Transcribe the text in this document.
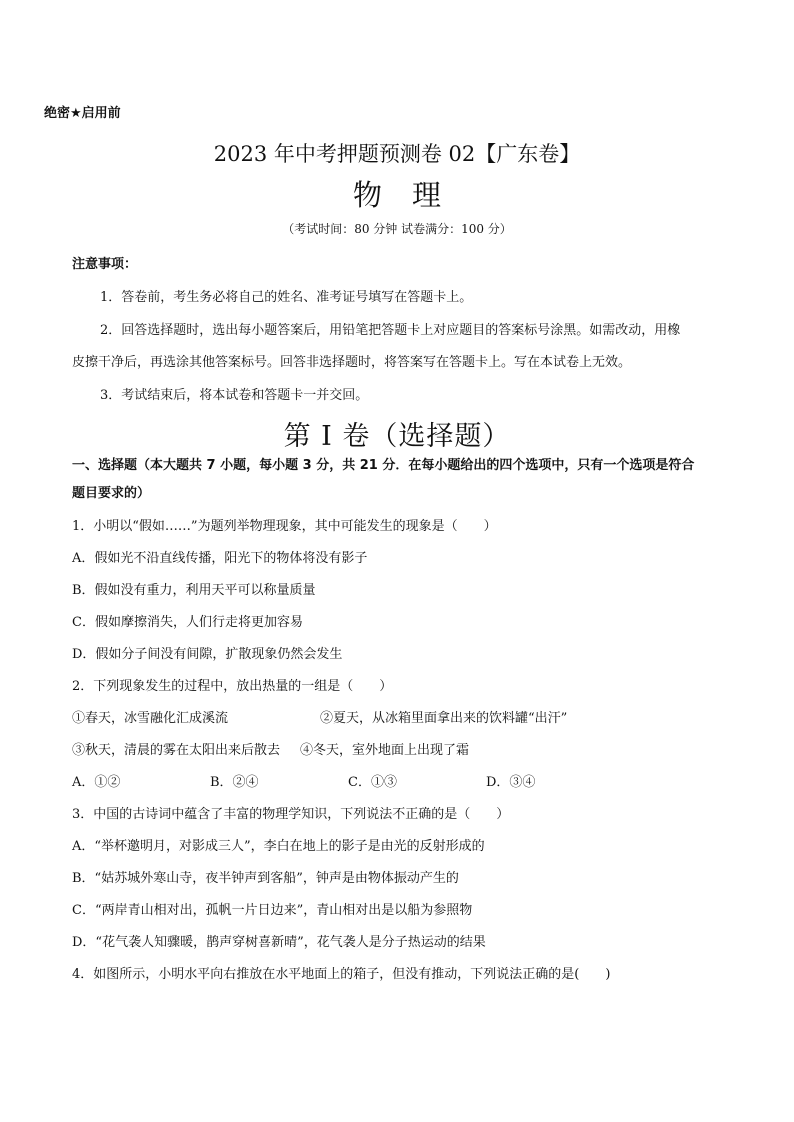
绝密★启用前
2023 年中考押题预测卷 02【广东卷】
物理
（考试时间：80 分钟 试卷满分：100 分）
注意事项：
1．答卷前，考生务必将自己的姓名、准考证号填写在答题卡上。
2．回答选择题时，选出每小题答案后，用铅笔把答题卡上对应题目的答案标号涂黑。如需改动，用橡
皮擦干净后，再选涂其他答案标号。回答非选择题时，将答案写在答题卡上。写在本试卷上无效。
3．考试结束后，将本试卷和答题卡一并交回。
第 I 卷（选择题）
一、选择题（本大题共 7 小题，每小题 3 分，共 21 分．在每小题给出的四个选项中，只有一个选项是符合
题目要求的）
1．小明以“假如……”为题列举物理现象，其中可能发生的现象是（　　）
A．假如光不沿直线传播，阳光下的物体将没有影子
B．假如没有重力，利用天平可以称量质量
C．假如摩擦消失，人们行走将更加容易
D．假如分子间没有间隙，扩散现象仍然会发生
2．下列现象发生的过程中，放出热量的一组是（　　）
①春天，冰雪融化汇成溪流	②夏天，从冰箱里面拿出来的饮料罐“出汗”
③秋天，清晨的雾在太阳出来后散去 ④冬天，室外地面上出现了霜
A．①②	B．②④	C．①③	D．③④
3．中国的古诗词中蕴含了丰富的物理学知识，下列说法不正确的是（　　）
A．“举杯邀明月，对影成三人”，李白在地上的影子是由光的反射形成的
B．“姑苏城外寒山寺，夜半钟声到客船”，钟声是由物体振动产生的
C．“两岸青山相对出，孤帆一片日边来”，青山相对出是以船为参照物
D．“花气袭人知骤暖，鹊声穿树喜新晴”，花气袭人是分子热运动的结果
4．如图所示，小明水平向右推放在水平地面上的箱子，但没有推动，下列说法正确的是(　　)
